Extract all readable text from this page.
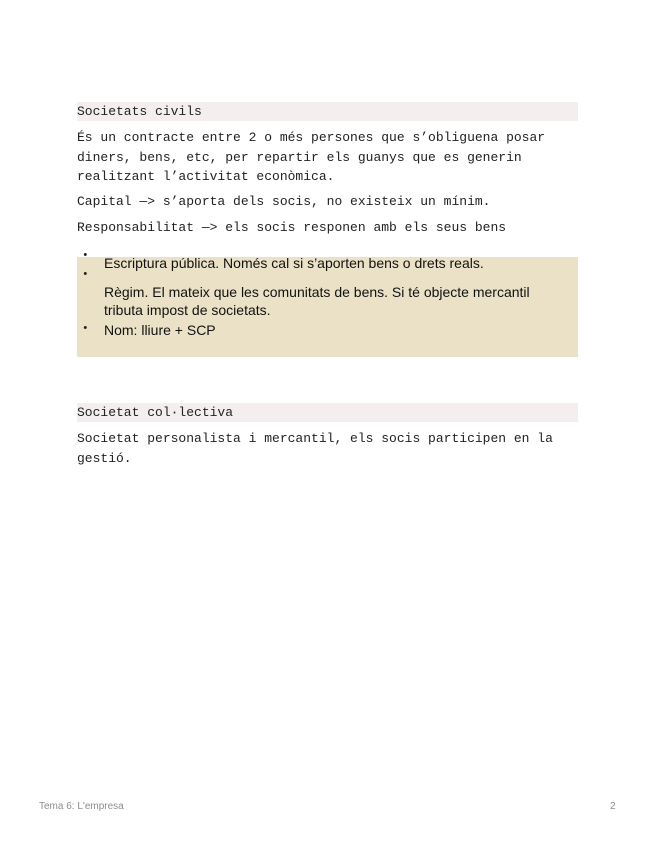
Societats civils

És un contracte entre 2 o més persones que s’obliguena posar
diners, bens, etc, per repartir els guanys que es generin
realitzant l’activitat econòmica.

Capital —> s’aporta dels socis, no existeix un mínim.

Responsabilitat —> els socis responen amb els seus bens

• Escriptura pública. Només cal si s’aporten bens o drets reals.

•

Règim. El mateix que les comunitats de bens. Si té objecte mercantil
tributa impost de societats.

• Nom: lliure + SCP

Societat col·lectiva

Societat personalista i mercantil, els socis participen en la
gestió.

Tema 6: L'empresa	2
